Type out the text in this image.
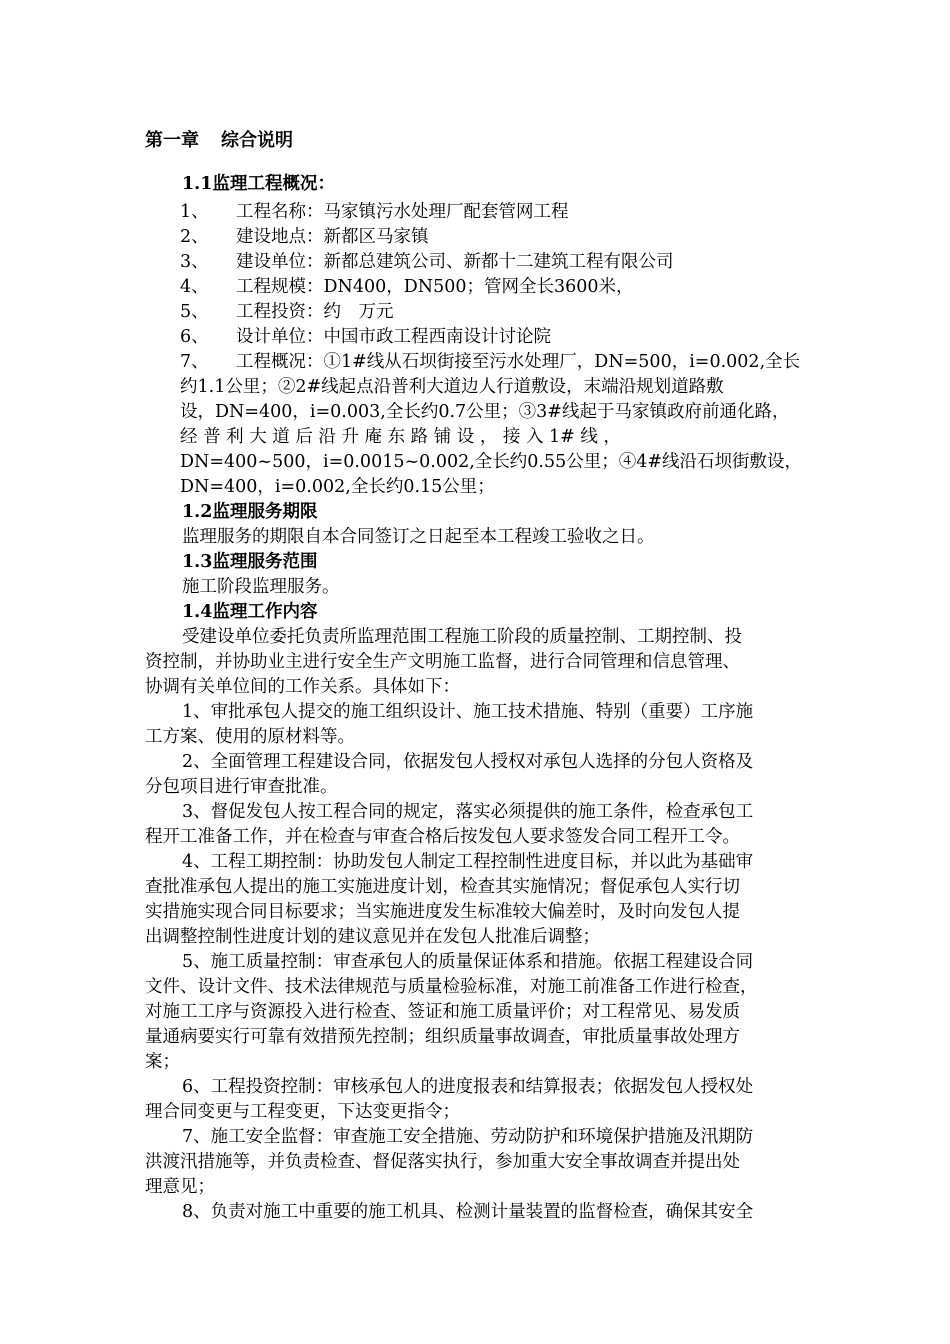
第一章 综合说明
1.1监理工程概况：
1、	工程名称：马家镇污水处理厂配套管网工程
2、	建设地点：新都区马家镇
3、	建设单位：新都总建筑公司、新都十二建筑工程有限公司
4、	工程规模：DN400，DN500；管网全长3600米，
5、	工程投资：约　万元
6、	设计单位：中国市政工程西南设计讨论院
7、	工程概况：①1#线从石坝街接至污水处理厂，DN=500，i=0.002,全长
约1.1公里；②2#线起点沿普利大道边人行道敷设，末端沿规划道路敷
设，DN=400，i=0.003,全长约0.7公里；③3#线起于马家镇政府前通化路，
经 普 利 大 道 后 沿 升 庵 东 路 铺 设 ， 接 入 1# 线 ，
DN=400~500，i=0.0015~0.002,全长约0.55公里；④4#线沿石坝街敷设，
DN=400，i=0.002,全长约0.15公里；
1.2监理服务期限
监理服务的期限自本合同签订之日起至本工程竣工验收之日。
1.3监理服务范围
施工阶段监理服务。
1.4监理工作内容
受建设单位委托负责所监理范围工程施工阶段的质量控制、工期控制、投
资控制，并协助业主进行安全生产文明施工监督，进行合同管理和信息管理、
协调有关单位间的工作关系。具体如下：
1、审批承包人提交的施工组织设计、施工技术措施、特别（重要）工序施
工方案、使用的原材料等。
2、全面管理工程建设合同，依据发包人授权对承包人选择的分包人资格及
分包项目进行审查批准。
3、督促发包人按工程合同的规定，落实必须提供的施工条件，检查承包工
程开工准备工作，并在检查与审查合格后按发包人要求签发合同工程开工令。
4、工程工期控制：协助发包人制定工程控制性进度目标，并以此为基础审
查批准承包人提出的施工实施进度计划，检查其实施情况；督促承包人实行切
实措施实现合同目标要求；当实施进度发生标准较大偏差时，及时向发包人提
出调整控制性进度计划的建议意见并在发包人批准后调整；
5、施工质量控制：审查承包人的质量保证体系和措施。依据工程建设合同
文件、设计文件、技术法律规范与质量检验标准，对施工前准备工作进行检查，
对施工工序与资源投入进行检查、签证和施工质量评价；对工程常见、易发质
量通病要实行可靠有效措预先控制；组织质量事故调查，审批质量事故处理方
案；
6、工程投资控制：审核承包人的进度报表和结算报表；依据发包人授权处
理合同变更与工程变更，下达变更指令；
7、施工安全监督：审查施工安全措施、劳动防护和环境保护措施及汛期防
洪渡汛措施等，并负责检查、督促落实执行，参加重大安全事故调查并提出处
理意见；
8、负责对施工中重要的施工机具、检测计量装置的监督检查，确保其安全
